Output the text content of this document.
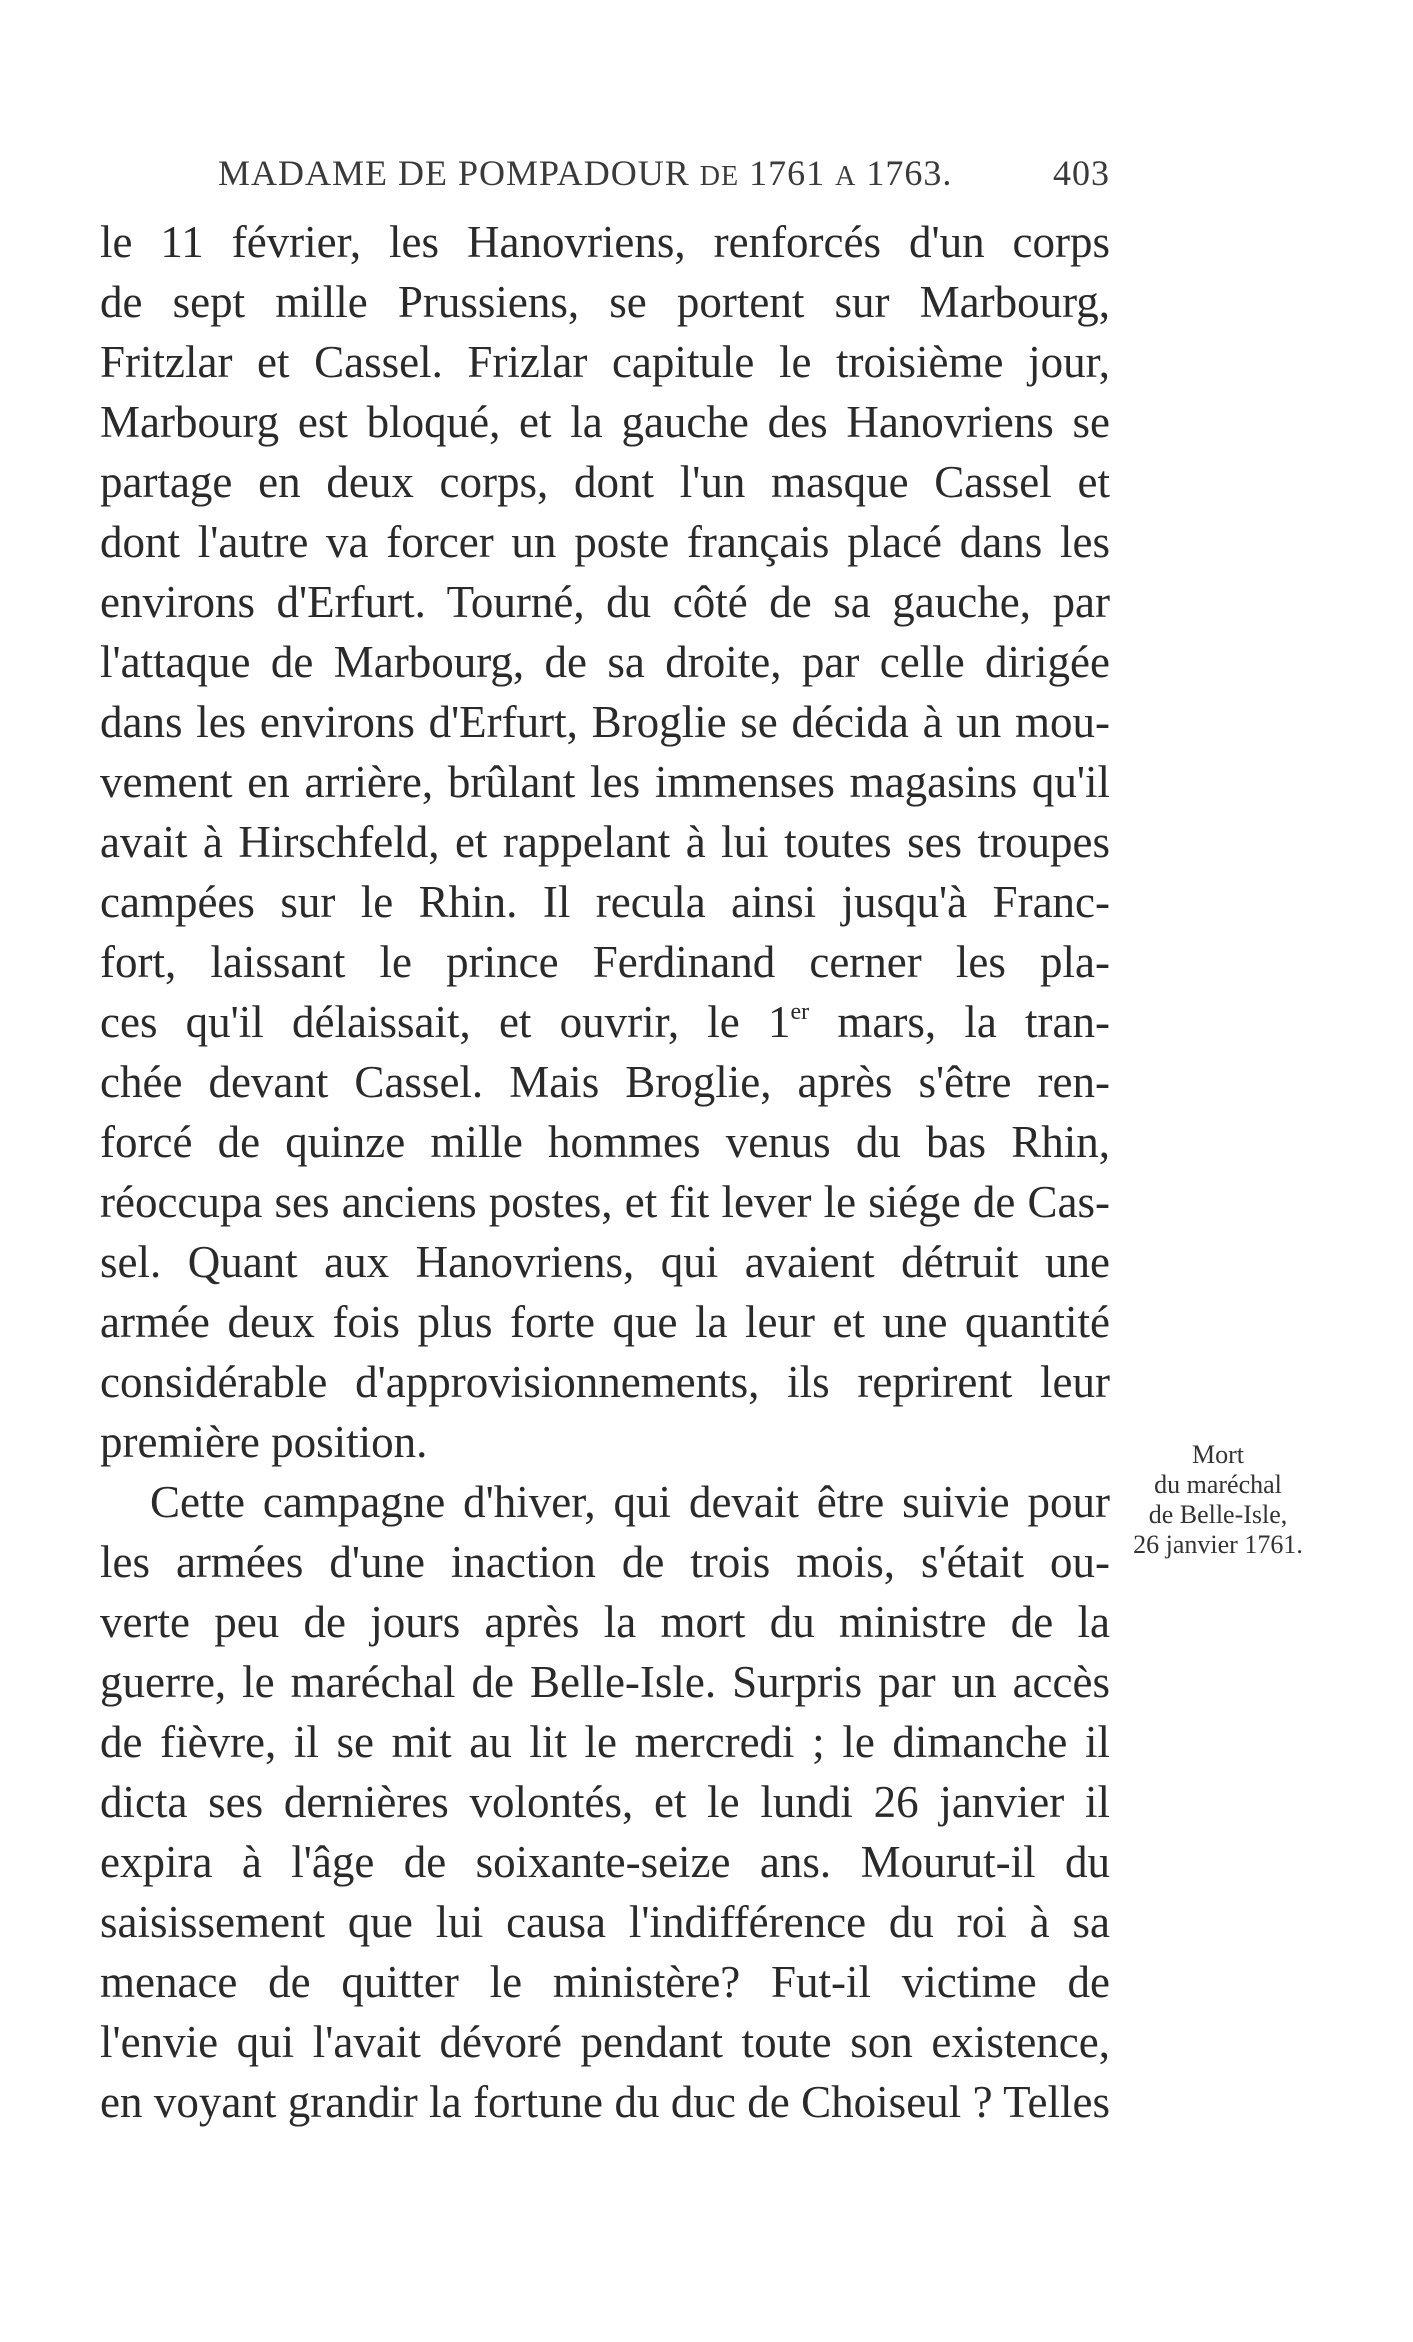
MADAME DE POMPADOUR DE 1761 A 1763.	403
le 11 février, les Hanovriens, renforcés d'un corps
de sept mille Prussiens, se portent sur Marbourg,
Fritzlar et Cassel. Frizlar capitule le troisième jour,
Marbourg est bloqué, et la gauche des Hanovriens se
partage en deux corps, dont l'un masque Cassel et
dont l'autre va forcer un poste français placé dans les
environs d'Erfurt. Tourné, du côté de sa gauche, par
l'attaque de Marbourg, de sa droite, par celle dirigée
dans les environs d'Erfurt, Broglie se décida à un mou-
vement en arrière, brûlant les immenses magasins qu'il
avait à Hirschfeld, et rappelant à lui toutes ses troupes
campées sur le Rhin. Il recula ainsi jusqu'à Franc-
fort, laissant le prince Ferdinand cerner les pla-
ces qu'il délaissait, et ouvrir, le 1er mars, la tran-
chée devant Cassel. Mais Broglie, après s'être ren-
forcé de quinze mille hommes venus du bas Rhin,
réoccupa ses anciens postes, et fit lever le siége de Cas-
sel. Quant aux Hanovriens, qui avaient détruit une
armée deux fois plus forte que la leur et une quantité
considérable d'approvisionnements, ils reprirent leur
première position.
Cette campagne d'hiver, qui devait être suivie pour
les armées d'une inaction de trois mois, s'était ou-
verte peu de jours après la mort du ministre de la
guerre, le maréchal de Belle-Isle. Surpris par un accès
de fièvre, il se mit au lit le mercredi ; le dimanche il
dicta ses dernières volontés, et le lundi 26 janvier il
expira à l'âge de soixante-seize ans. Mourut-il du
saisissement que lui causa l'indifférence du roi à sa
menace de quitter le ministère? Fut-il victime de
l'envie qui l'avait dévoré pendant toute son existence,
en voyant grandir la fortune du duc de Choiseul ? Telles
Mort
du maréchal
de Belle-Isle,
26 janvier 1761.
